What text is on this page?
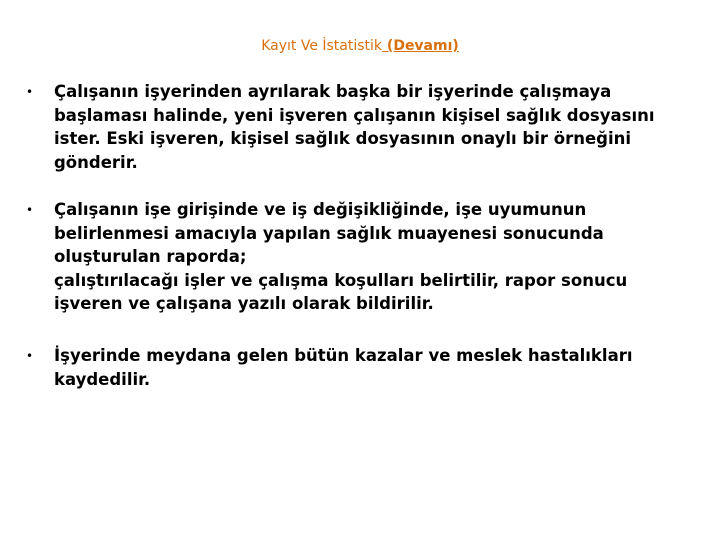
Kayıt Ve İstatistik (Devamı)
• Çalışanın işyerinden ayrılarak başka bir işyerinde çalışmaya
başlaması halinde, yeni işveren çalışanın kişisel sağlık dosyasını
ister. Eski işveren, kişisel sağlık dosyasının onaylı bir örneğini
gönderir.
• Çalışanın işe girişinde ve iş değişikliğinde, işe uyumunun
belirlenmesi amacıyla yapılan sağlık muayenesi sonucunda
oluşturulan raporda;
çalıştırılacağı işler ve çalışma koşulları belirtilir, rapor sonucu
işveren ve çalışana yazılı olarak bildirilir.
• İşyerinde meydana gelen bütün kazalar ve meslek hastalıkları
kaydedilir.
